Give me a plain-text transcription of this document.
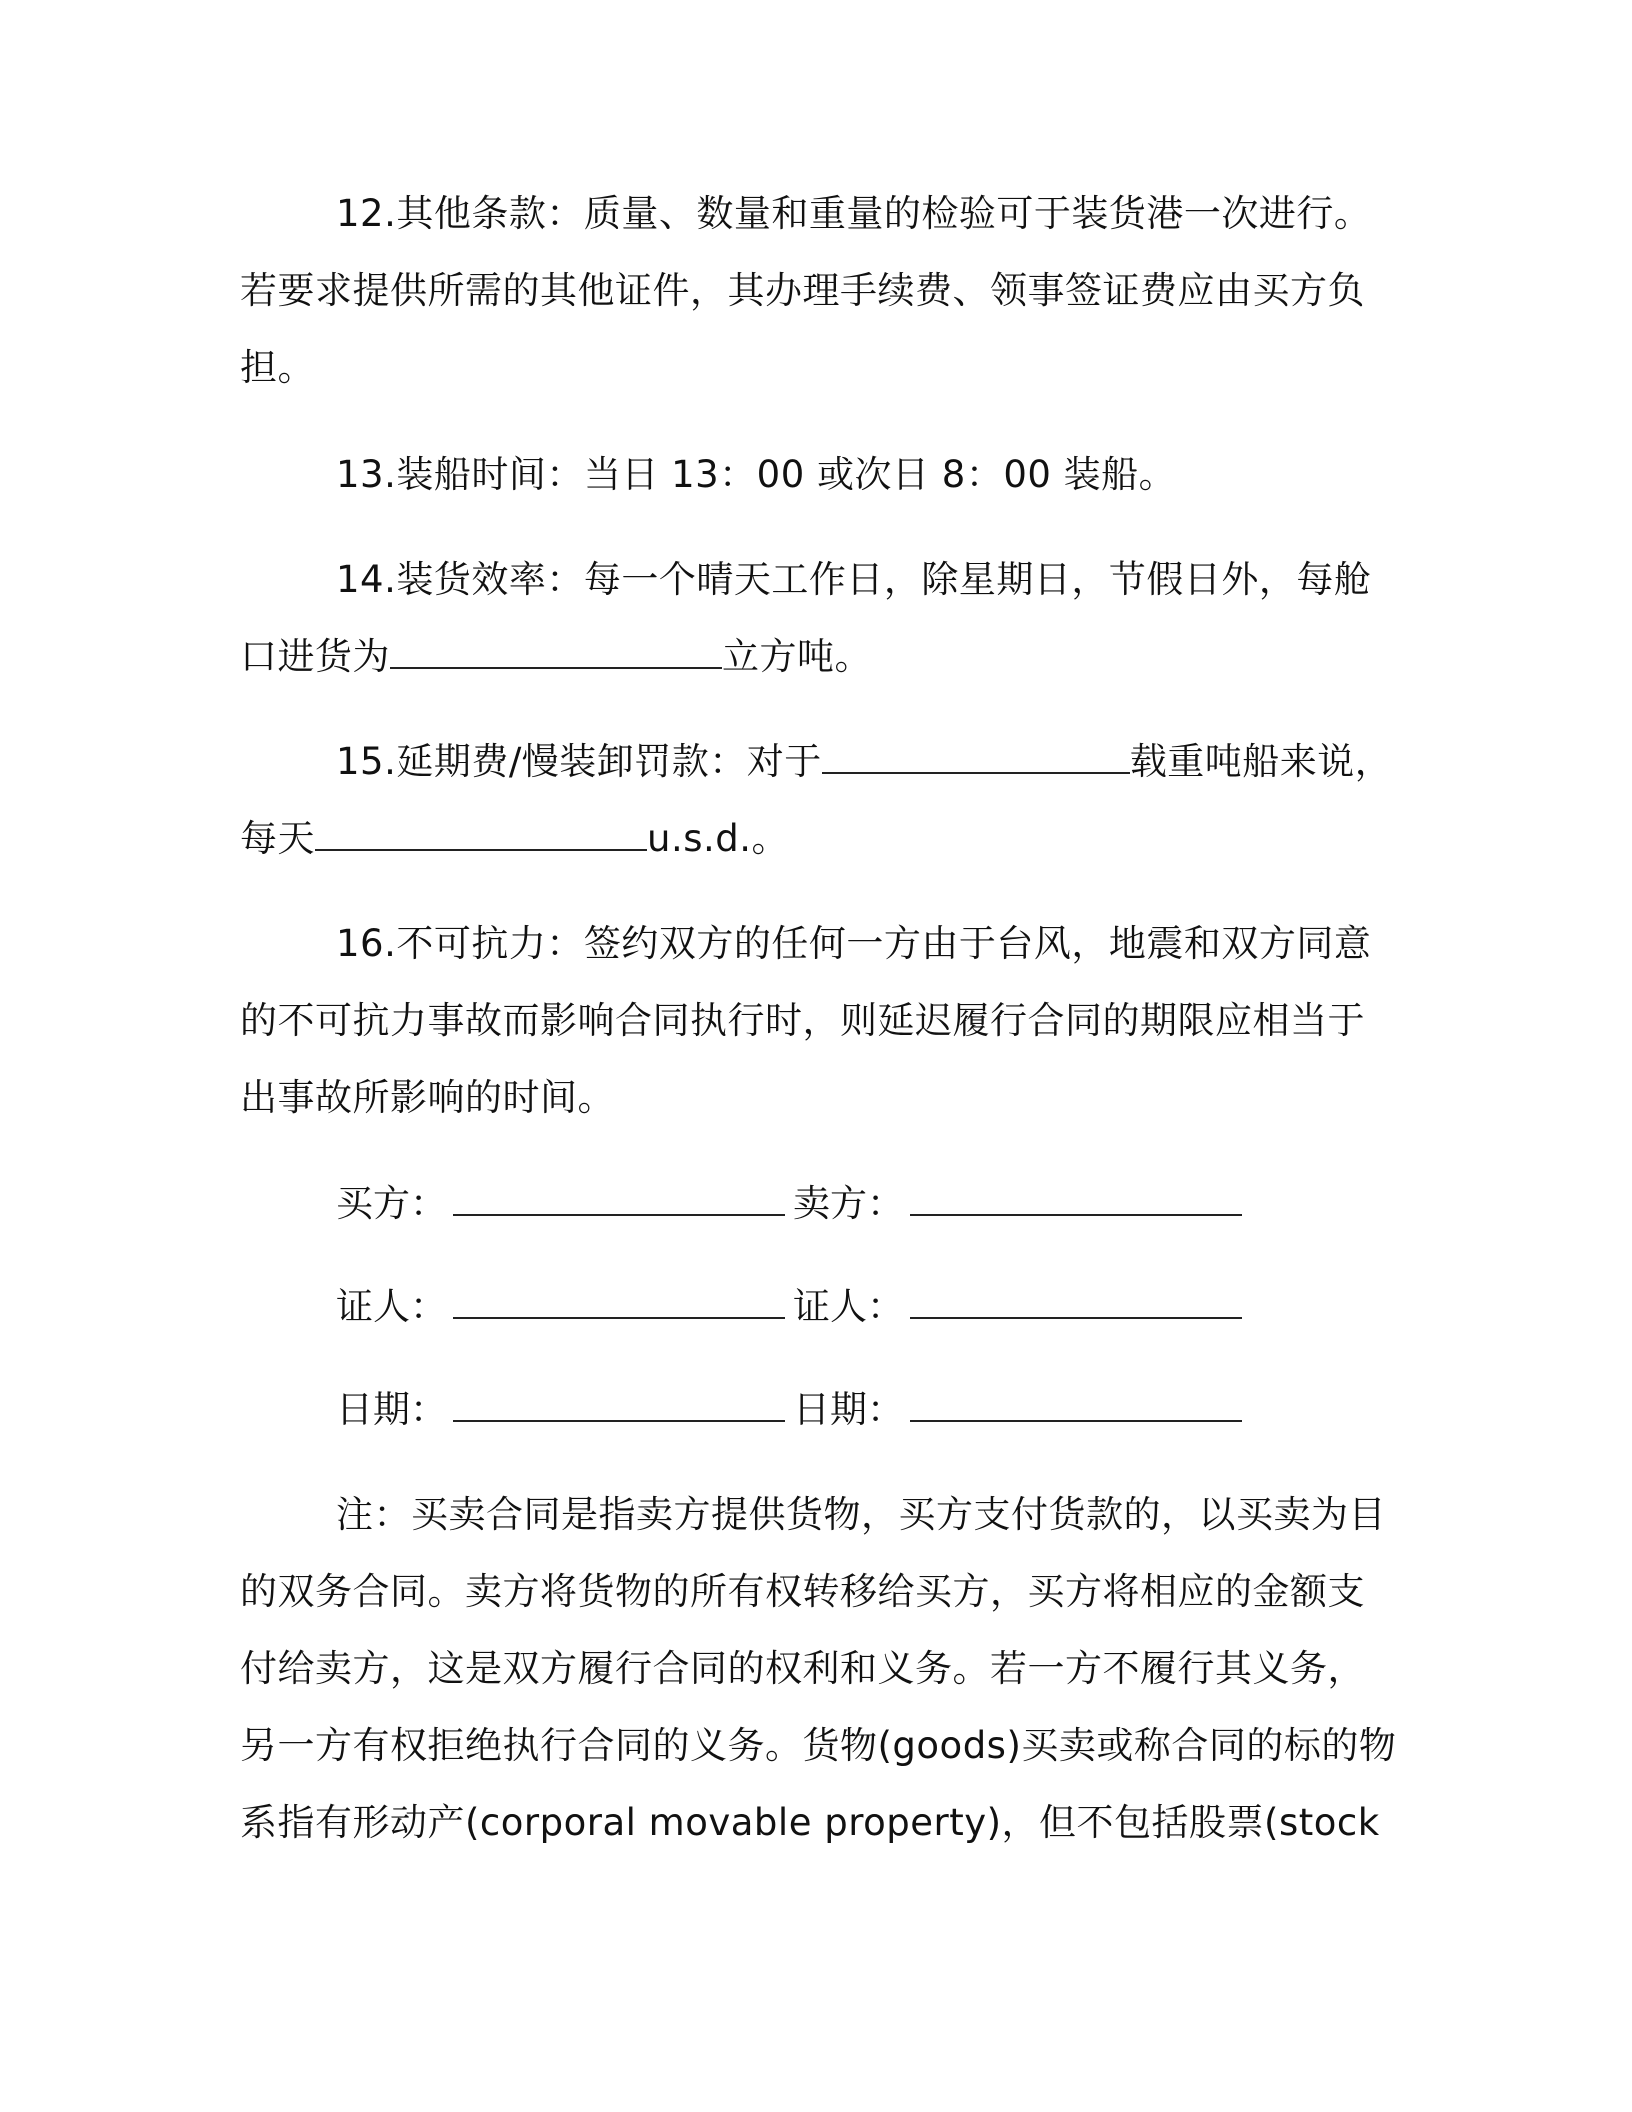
12.其他条款：质量、数量和重量的检验可于装货港一次进行。
若要求提供所需的其他证件，其办理手续费、领事签证费应由买方负
担。
13.装船时间：当日 13：00 或次日 8：00 装船。
14.装货效率：每一个晴天工作日，除星期日，节假日外，每舱
口进货为	立方吨。
15.延期费/慢装卸罚款：对于	载重吨船来说，
每天	u.s.d.。
16.不可抗力：签约双方的任何一方由于台风，地震和双方同意
的不可抗力事故而影响合同执行时，则延迟履行合同的期限应相当于
出事故所影响的时间。
买方：	卖方：
证人：	证人：
日期：	日期：
注：买卖合同是指卖方提供货物，买方支付货款的，以买卖为目
的双务合同。卖方将货物的所有权转移给买方，买方将相应的金额支
付给卖方，这是双方履行合同的权利和义务。若一方不履行其义务，
另一方有权拒绝执行合同的义务。货物(goods)买卖或称合同的标的物
系指有形动产(corporal movable property)，但不包括股票(stock
